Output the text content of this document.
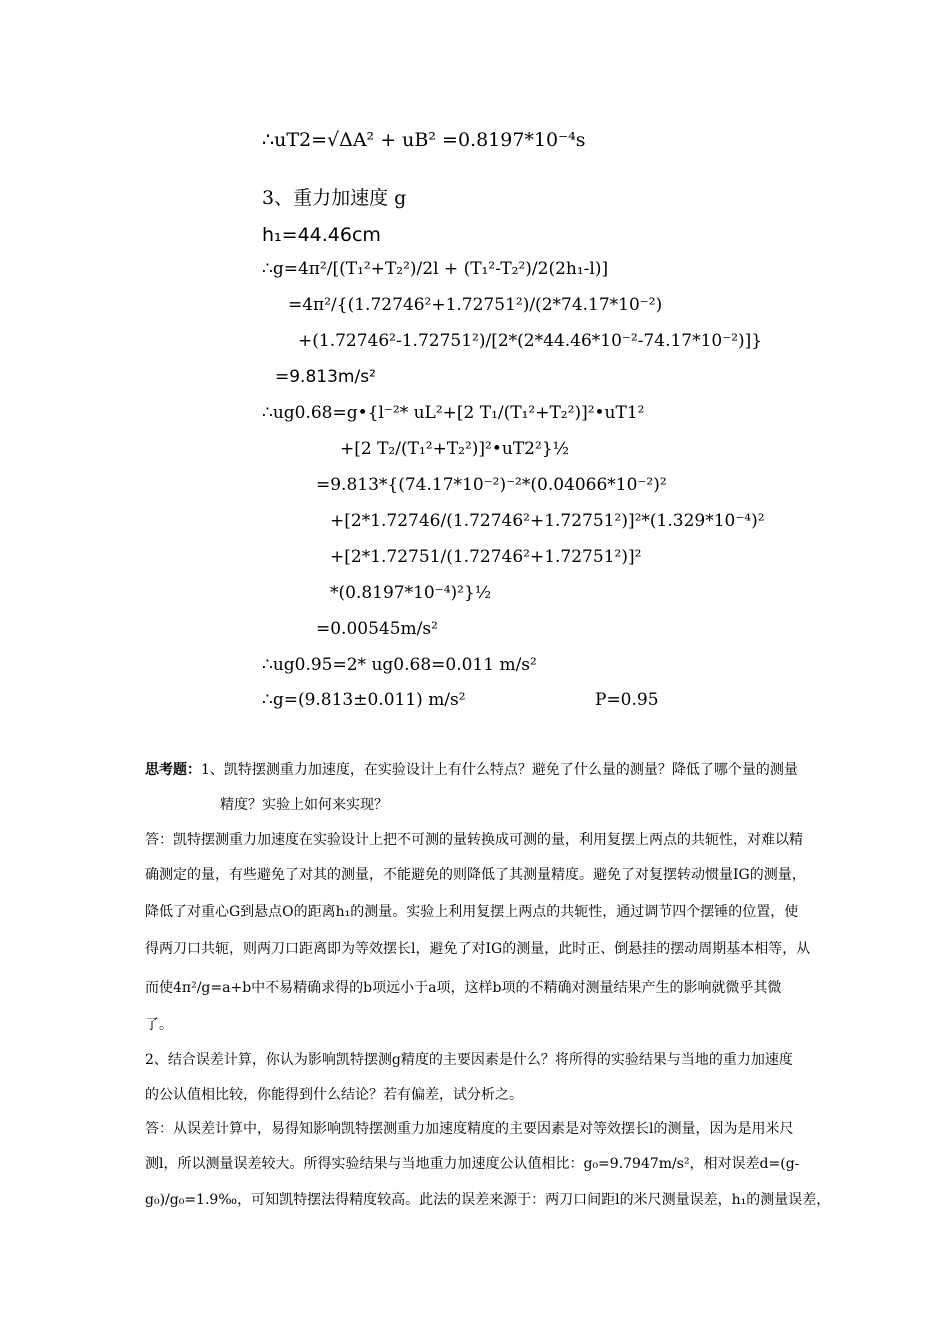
∴uT2=√ΔA² + uB² =0.8197*10⁻⁴s
3、重力加速度 g
h₁=44.46cm
∴g=4π²/[(T₁²+T₂²)/2l + (T₁²-T₂²)/2(2h₁-l)]
=4π²/{(1.72746²+1.72751²)/(2*74.17*10⁻²)
+(1.72746²-1.72751²)/[2*(2*44.46*10⁻²-74.17*10⁻²)]}
=9.813m/s²
∴ug0.68=g•{l⁻²* uL²+[2 T₁/(T₁²+T₂²)]²•uT1²
+[2 T₂/(T₁²+T₂²)]²•uT2²}½
=9.813*{(74.17*10⁻²)⁻²*(0.04066*10⁻²)²
+[2*1.72746/(1.72746²+1.72751²)]²*(1.329*10⁻⁴)²
+[2*1.72751/(1.72746²+1.72751²)]²
*(0.8197*10⁻⁴)²}½
=0.00545m/s²
∴ug0.95=2* ug0.68=0.011 m/s²
∴g=(9.813±0.011) m/s²	P=0.95
思考题：1、凯特摆测重力加速度，在实验设计上有什么特点？避免了什么量的测量？降低了哪个量的测量
精度？实验上如何来实现？
答：凯特摆测重力加速度在实验设计上把不可测的量转换成可测的量，利用复摆上两点的共轭性，对难以精
确测定的量，有些避免了对其的测量，不能避免的则降低了其测量精度。避免了对复摆转动惯量IG的测量，
降低了对重心G到悬点O的距离h₁的测量。实验上利用复摆上两点的共轭性，通过调节四个摆锤的位置，使
得两刀口共轭，则两刀口距离即为等效摆长l，避免了对IG的测量，此时正、倒悬挂的摆动周期基本相等，从
而使4π²/g=a+b中不易精确求得的b项远小于a项，这样b项的不精确对测量结果产生的影响就微乎其微
了。
2、结合误差计算，你认为影响凯特摆测g精度的主要因素是什么？将所得的实验结果与当地的重力加速度
的公认值相比较，你能得到什么结论？若有偏差，试分析之。
答：从误差计算中，易得知影响凯特摆测重力加速度精度的主要因素是对等效摆长l的测量，因为是用米尺
测l，所以测量误差较大。所得实验结果与当地重力加速度公认值相比：g₀=9.7947m/s²，相对误差d=(g-
g₀)/g₀=1.9‰，可知凯特摆法得精度较高。此法的误差来源于：两刀口间距l的米尺测量误差，h₁的测量误差，
